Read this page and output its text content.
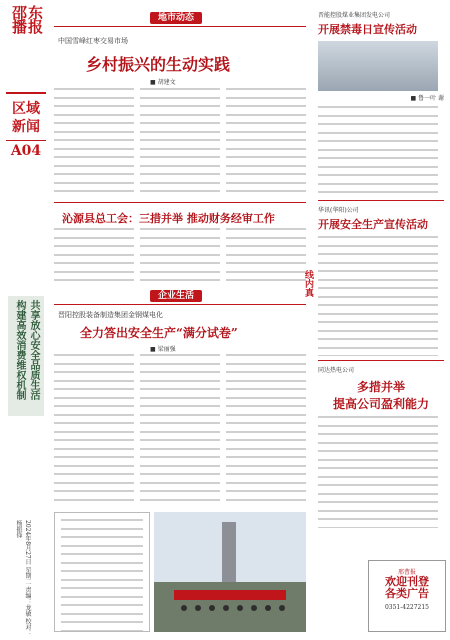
邵东播报
区域新闻
A04
构建高效消费维权机制 共享放心安全品质生活
2024年8月27日 星期二 责编：龙敏 校对：杨振锋
地市动态
中国雪峰红枣交易市场
乡村振兴的生动实践
■ 胡建文
沁源县总工会：三措并举 推动财务经审工作
企业生活
晋阳控股装备制造集团金钢煤电化
全力答出安全生产“满分试卷”
■ 梁丽强
晋能控股煤业集团发电公司
开展禁毒日宣传活动
■ 鲁一叶 谢
华讯(华阳)公司
开展安全生产宣传活动
同达热电公司
多措并举
提高公司盈利能力
线内真
邢曹报
欢迎刊登
各类广告
0351-4227215
